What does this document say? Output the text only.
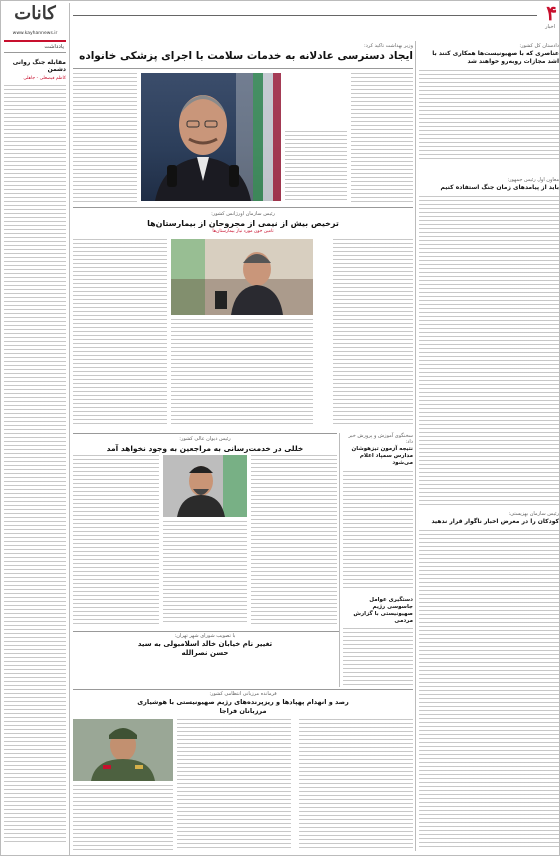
کانات
www.kayhannews.ir
یادداشت
مقابله جنگ روانی دشمن
کاظم فیصعلی - جاهلی
۴
اخبار
وزیر بهداشت تاکید کرد:
ایجاد دسترسی عادلانه به خدمات سلامت با اجرای پزشکی خانواده
دادستان کل کشور:
عناصری که با صهیونیست‌ها همکاری کنند با اشد مجازات روبه‌رو خواهند شد
معاون اول رئیس جمهور:
باید از پیامدهای زمان جنگ استفاده کنیم
رئیس سازمان اورژانس کشور:
ترخیص بیش از نیمی از مجروحان از بیمارستان‌ها
تامین خون مورد نیاز بیمارستان‌ها
رئیس دیوان عالی کشور:
خللی در خدمت‌رسانی به مراجعین به وجود نخواهد آمد
سخنگوی آموزش و پرورش خبر داد:
نتیجه آزمون تیزهوشان مدارس سمپاد اعلام می‌شود
دستگیری عوامل جاسوسی رژیم صهیونیستی با گزارش مردمی
با تصویب شورای شهر تهران:
تغییر نام خیابان خالد اسلامبولی به سید حسن نصرالله
فرمانده مرزبانی انتظامی کشور:
رصد و انهدام پهپادها و ریزپرنده‌های رژیم صهیونیستی با هوشیاری مرزبانان فراجا
رئیس سازمان بهزیستی:
کودکان را در معرض اخبار ناگوار قرار ندهید
